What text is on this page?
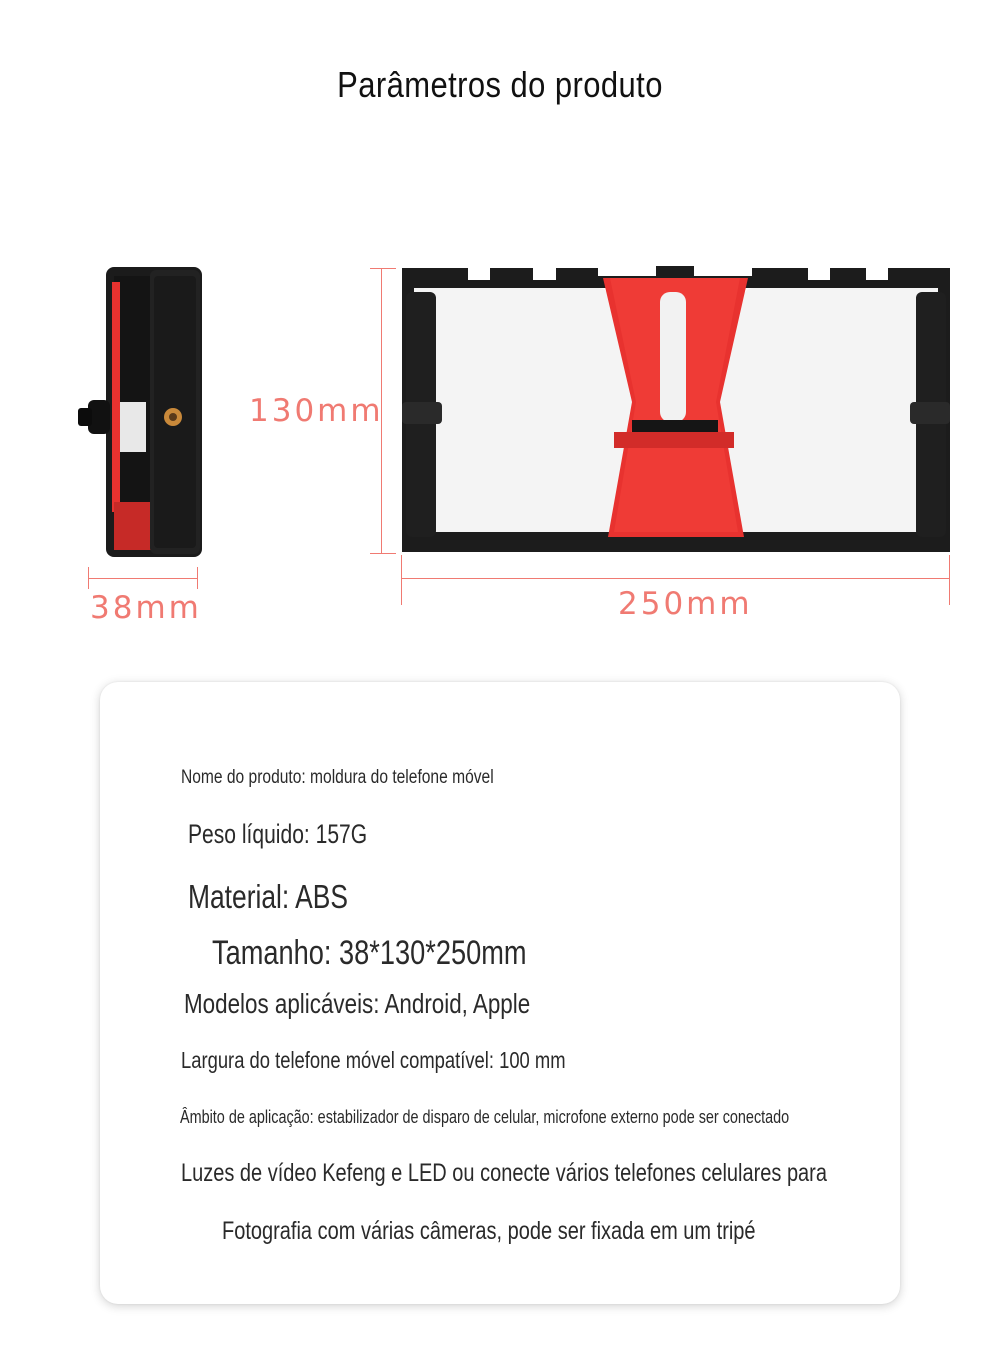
Parâmetros do produto
38mm
130mm
250mm
Nome do produto: moldura do telefone móvel
Peso líquido: 157G
Material: ABS
Tamanho: 38*130*250mm
Modelos aplicáveis: Android, Apple
Largura do telefone móvel compatível: 100 mm
Âmbito de aplicação: estabilizador de disparo de celular, microfone externo pode ser conectado
Luzes de vídeo Kefeng e LED ou conecte vários telefones celulares para
Fotografia com várias câmeras, pode ser fixada em um tripé
